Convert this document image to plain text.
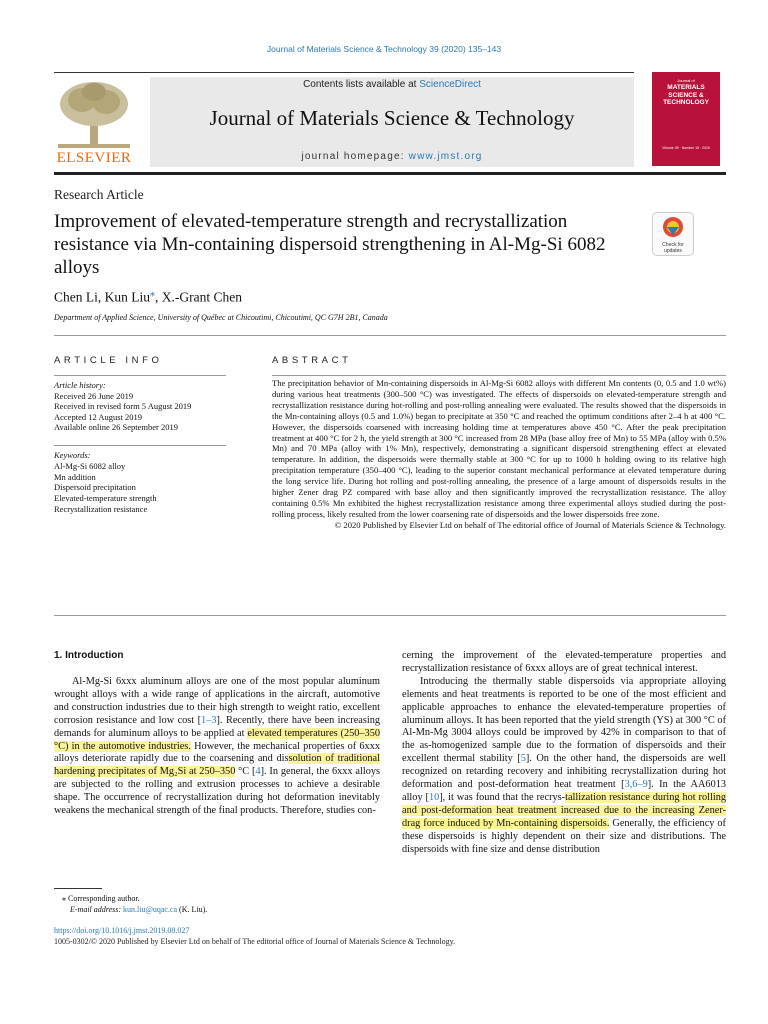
Journal of Materials Science & Technology 39 (2020) 135–143
ELSEVIER
Contents lists available at ScienceDirect
Journal of Materials Science & Technology
journal homepage: www.jmst.org
Journal of
MATERIALS SCIENCE & TECHNOLOGY
Volume 39 · Number 15 · 2020
Research Article
Improvement of elevated-temperature strength and recrystallization resistance via Mn-containing dispersoid strengthening in Al-Mg-Si 6082 alloys
Check for
updates
Chen Li, Kun Liu⁎, X.-Grant Chen
Department of Applied Science, University of Québec at Chicoutimi, Chicoutimi, QC G7H 2B1, Canada
ARTICLE INFO	ABSTRACT
Article history:
Received 26 June 2019
Received in revised form 5 August 2019
Accepted 12 August 2019
Available online 26 September 2019
Keywords:
Al-Mg-Si 6082 alloy
Mn addition
Dispersoid precipitation
Elevated-temperature strength
Recrystallization resistance
The precipitation behavior of Mn-containing dispersoids in Al-Mg-Si 6082 alloys with different Mn contents (0, 0.5 and 1.0 wt%) during various heat treatments (300–500 °C) was investigated. The effects of dispersoids on elevated-temperature strength and recrystallization resistance during hot-rolling and post-rolling annealing were evaluated. The results showed that the dispersoids in the Mn-containing alloys (0.5 and 1.0%) began to precipitate at 350 °C and reached the optimum conditions after 2–4 h at 400 °C. However, the dispersoids coarsened with increasing holding time at temperatures above 450 °C. After the peak precipitation treatment at 400 °C for 2 h, the yield strength at 300 °C increased from 28 MPa (base alloy free of Mn) to 55 MPa (alloy with 0.5% Mn) and 70 MPa (alloy with 1% Mn), respectively, demonstrating a significant dispersoid strengthening effect at elevated temperature. In addition, the dispersoids were thermally stable at 300 °C for up to 1000 h holding owing to its relative high precipitation temperature (350–400 °C), leading to the superior constant mechanical performance at elevated temperature during the long service life. During hot rolling and post-rolling annealing, the presence of a large amount of dispersoids results in the higher Zener drag PZ compared with base alloy and then significantly improved the recrystallization resistance. The alloy containing 0.5% Mn exhibited the highest recrystallization resistance among three experimental alloys studied during the post-rolling process, likely resulted from the lower coarsening rate of dispersoids and the lower dispersoids free zone.
© 2020 Published by Elsevier Ltd on behalf of The editorial office of Journal of Materials Science & Technology.
1. Introduction

Al-Mg-Si 6xxx aluminum alloys are one of the most popular aluminum wrought alloys with a wide range of applications in the aircraft, automotive and construction industries due to their high strength to weight ratio, excellent corrosion resistance and low cost [1–3]. Recently, there have been increasing demands for aluminum alloys to be applied at elevated temperatures (250–350 °C) in the automotive industries. However, the mechanical properties of 6xxx alloys deteriorate rapidly due to the coarsening and dissolution of traditional hardening precipitates of Mg₂Si at 250–350 °C [4]. In general, the 6xxx alloys are subjected to the rolling and extrusion processes to achieve a desirable shape. The occurrence of recrystallization during hot deformation inevitably weakens the mechanical strength of the final products. Therefore, studies con-

cerning the improvement of the elevated-temperature properties and recrystallization resistance of 6xxx alloys are of great technical interest.

Introducing the thermally stable dispersoids via appropriate alloying elements and heat treatments is reported to be one of the most efficient and applicable approaches to enhance the elevated-temperature properties of aluminum alloys. It has been reported that the yield strength (YS) at 300 °C of Al-Mn-Mg 3004 alloys could be improved by 42% in comparison to that of the as-homogenized sample due to the formation of dispersoids and their excellent thermal stability [5]. On the other hand, the dispersoids are well recognized on retarding recovery and inhibiting recrystallization during hot deformation and post-deformation heat treatment [3,6–9]. In the AA6013 alloy [10], it was found that the recrys-tallization resistance during hot rolling and post-deformation heat treatment increased due to the increasing Zener-drag force induced by Mn-containing dispersoids. Generally, the efficiency of these dispersoids is highly dependent on their size and distributions. The dispersoids with fine size and dense distribution

⁎ Corresponding author.
E-mail address: kun.liu@uqac.ca (K. Liu).
https://doi.org/10.1016/j.jmst.2019.08.027
1005-0302/© 2020 Published by Elsevier Ltd on behalf of The editorial office of Journal of Materials Science & Technology.
